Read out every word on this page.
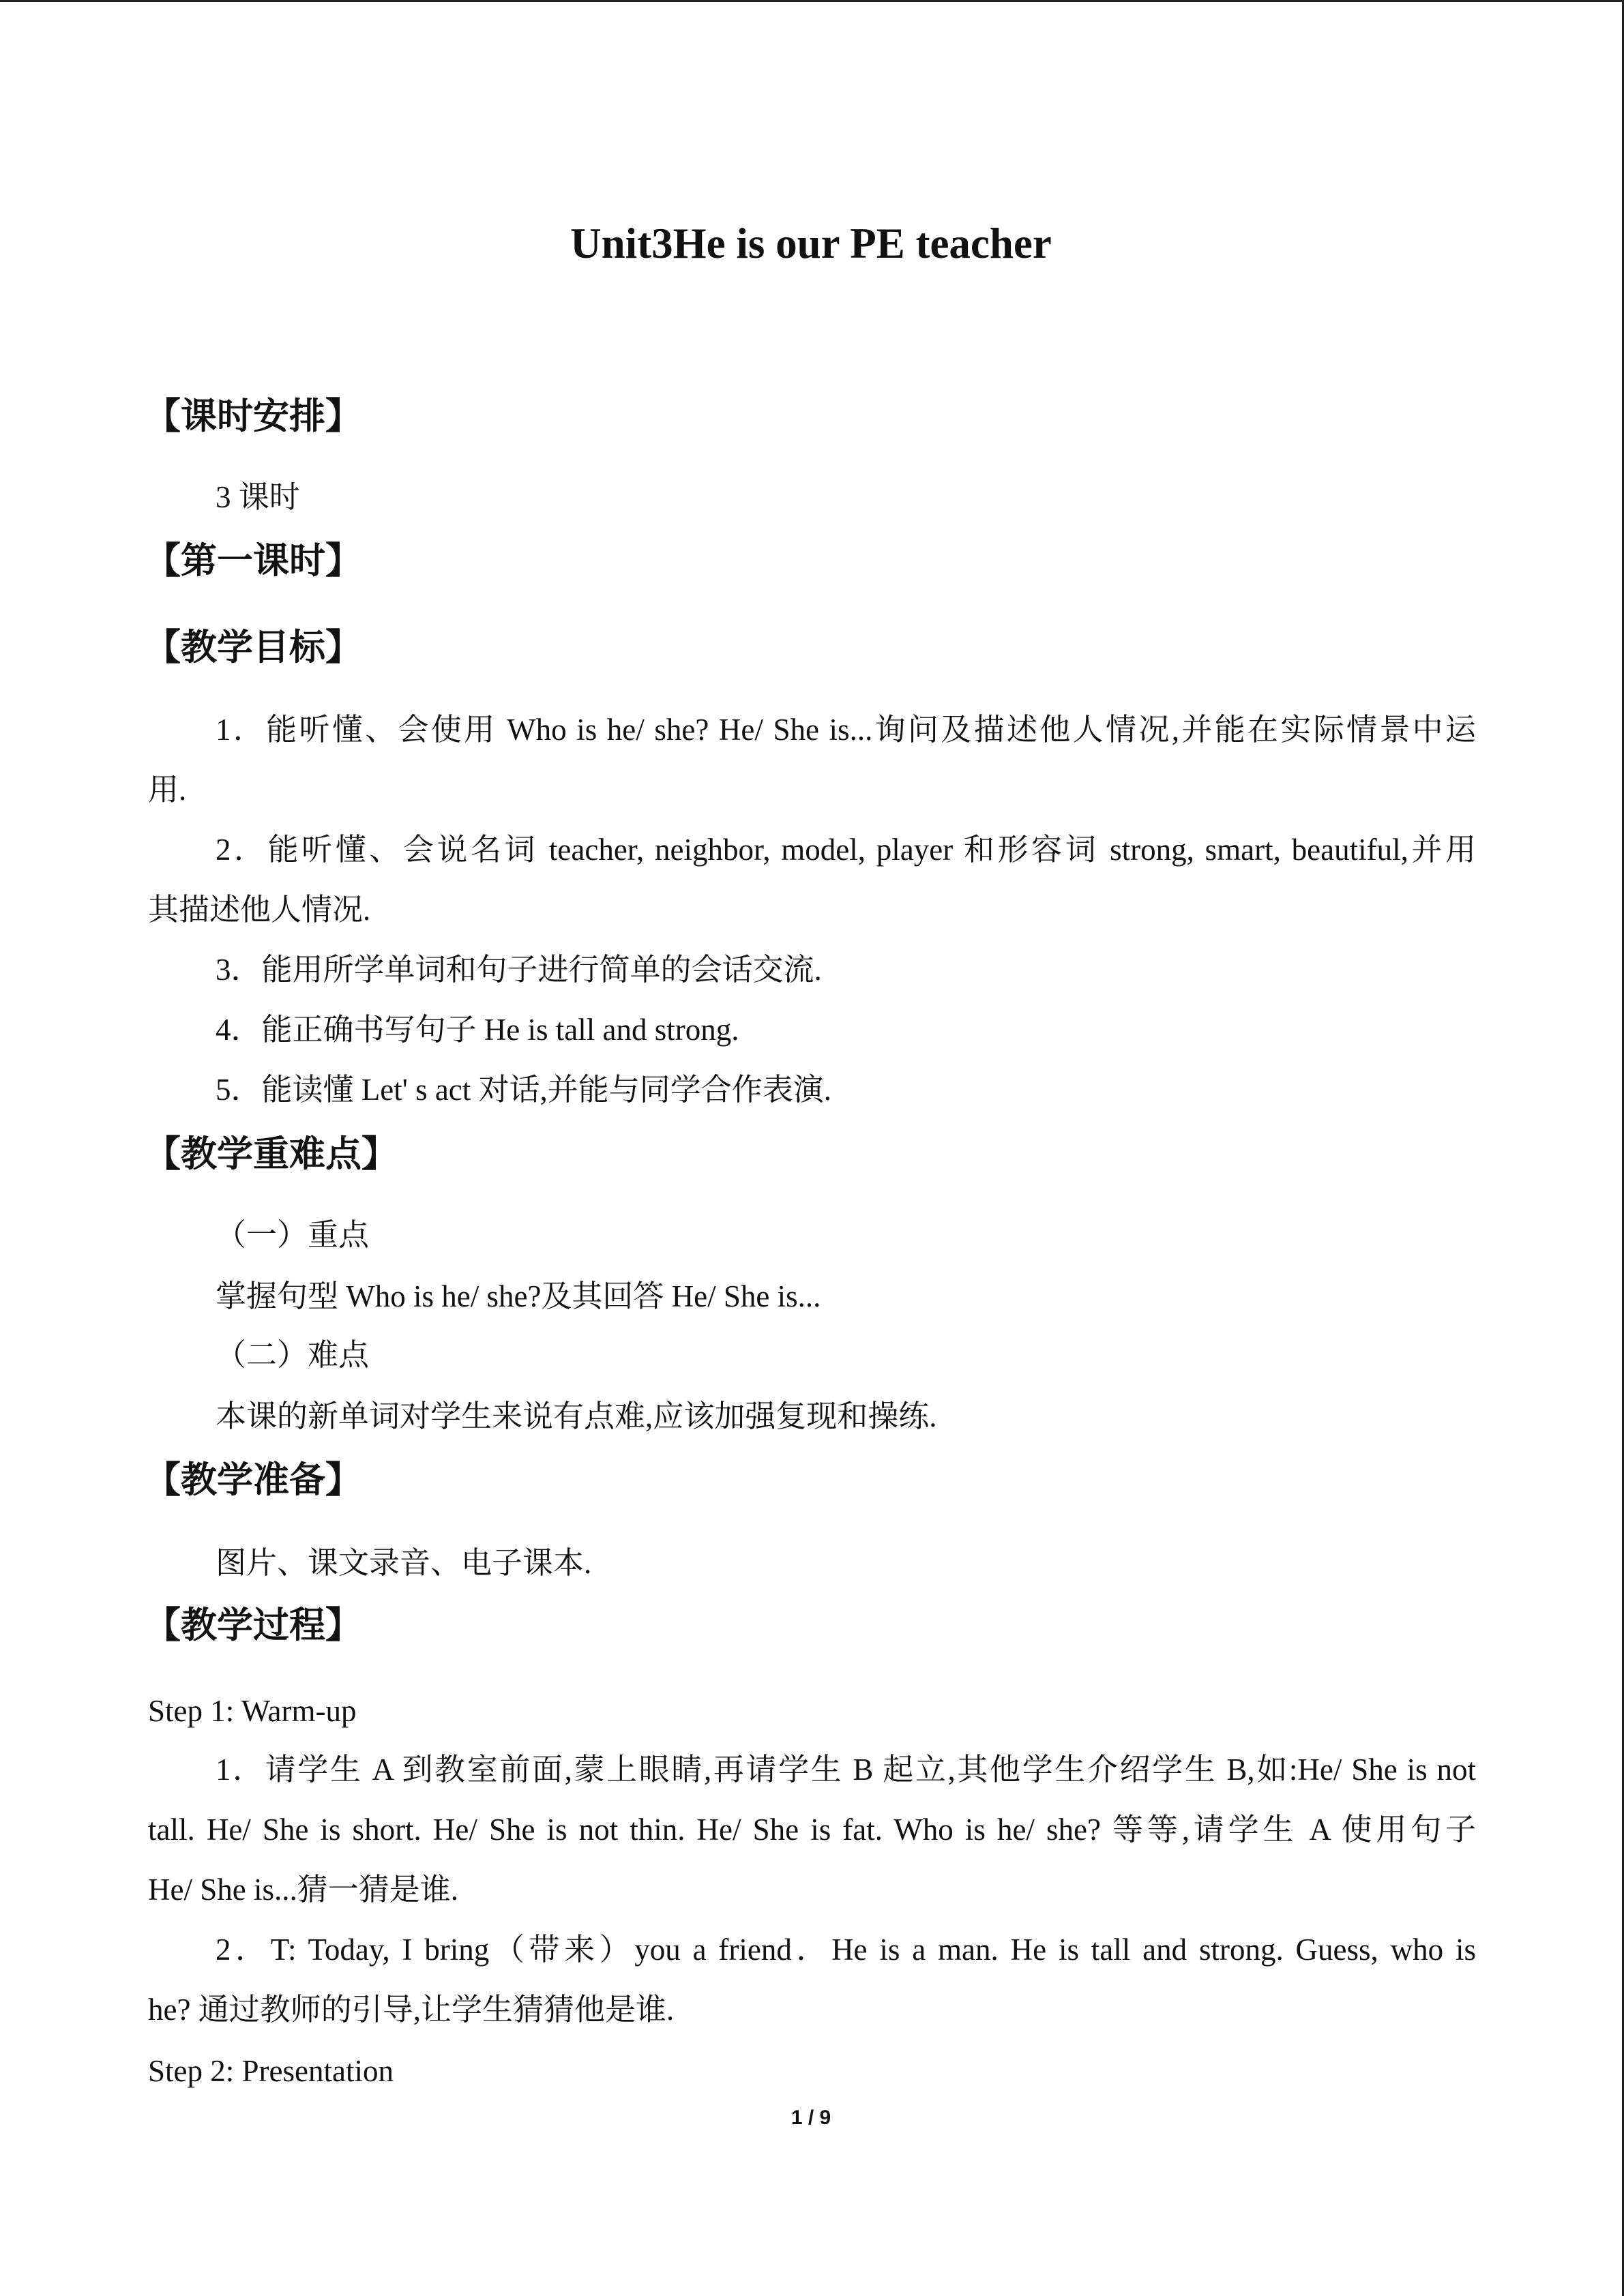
Unit3He is our PE teacher
【课时安排】
3 课时
【第一课时】
【教学目标】
1．能听懂、会使用 Who is he/ she? He/ She is...询问及描述他人情况,并能在实际情景中运
用.
2．能听懂、会说名词 teacher, neighbor, model, player 和形容词 strong, smart, beautiful,并用
其描述他人情况.
3．能用所学单词和句子进行简单的会话交流.
4．能正确书写句子 He is tall and strong.
5．能读懂 Let' s act 对话,并能与同学合作表演.
【教学重难点】
（一）重点
掌握句型 Who is he/ she?及其回答 He/ She is...
（二）难点
本课的新单词对学生来说有点难,应该加强复现和操练.
【教学准备】
图片、课文录音、电子课本.
【教学过程】
Step 1: Warm-up
1．请学生 A 到教室前面,蒙上眼睛,再请学生 B 起立,其他学生介绍学生 B,如:He/ She is not
tall. He/ She is short. He/ She is not thin. He/ She is fat. Who is he/ she? 等等,请学生 A 使用句子
He/ She is...猜一猜是谁.
2．T: Today, I bring（带来）you a friend．He is a man. He is tall and strong. Guess, who is
he? 通过教师的引导,让学生猜猜他是谁.
Step 2: Presentation
1 / 9
